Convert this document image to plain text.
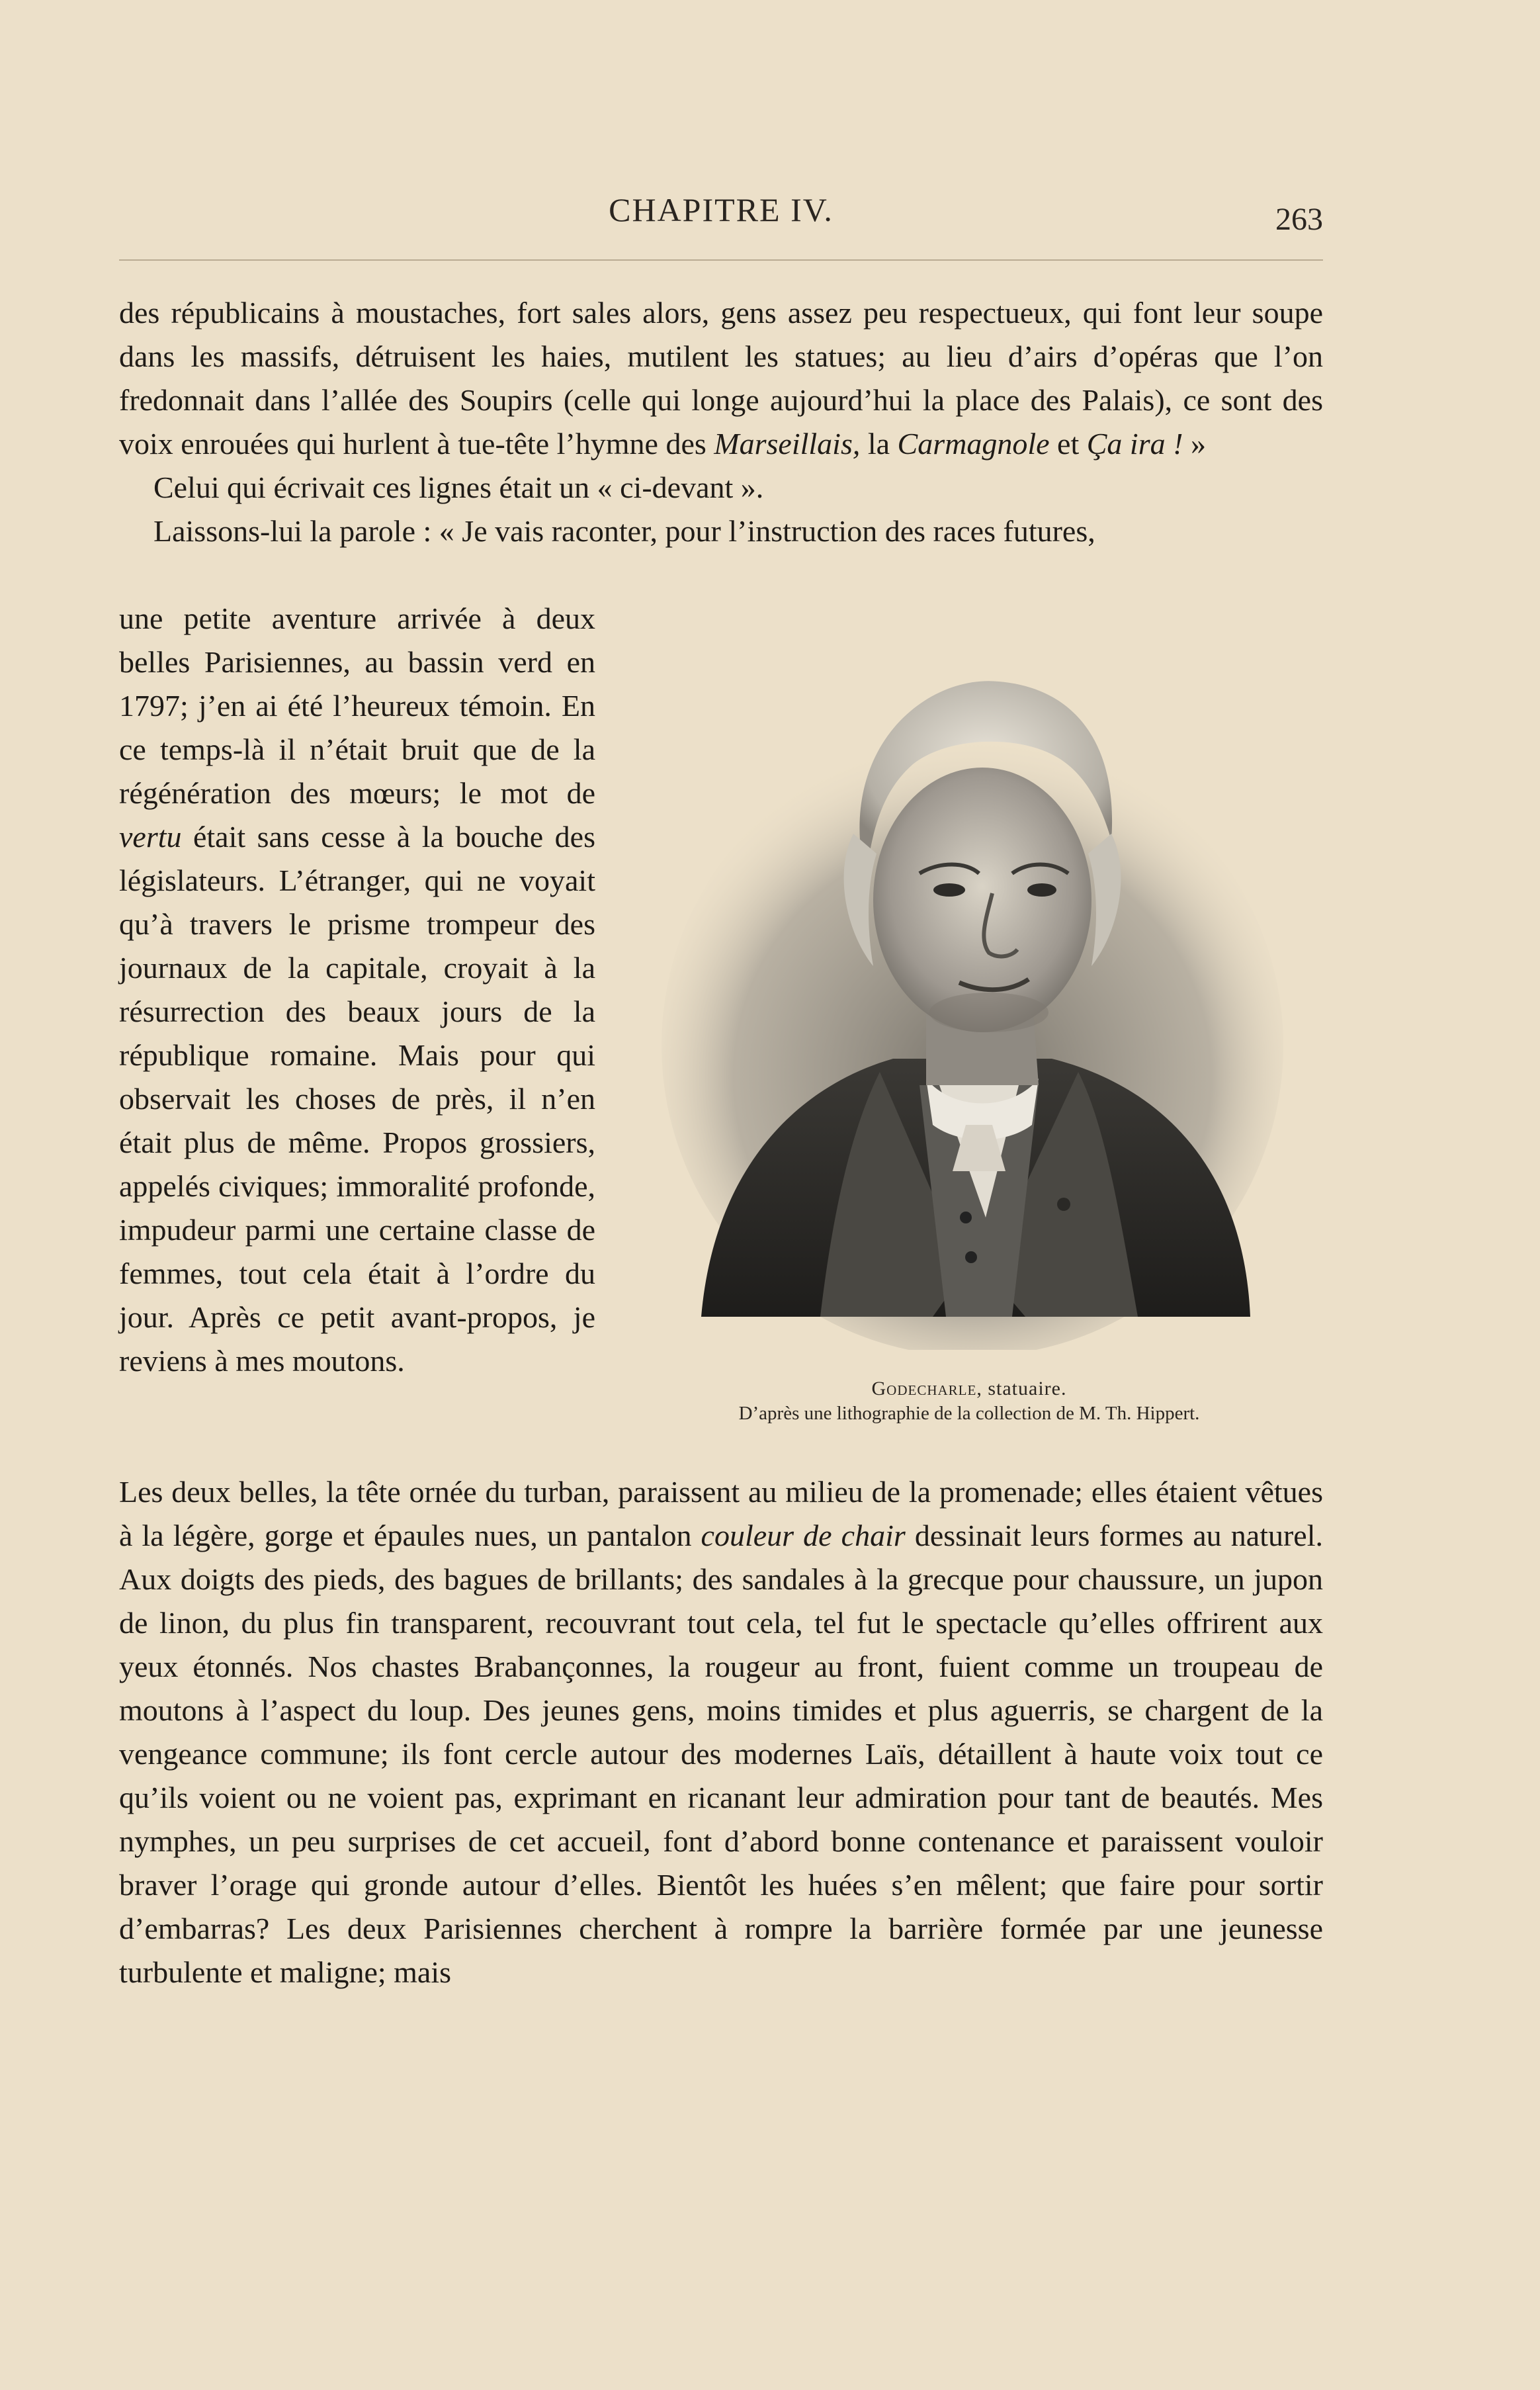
CHAPITRE IV.	263

des républicains à moustaches, fort sales alors, gens assez peu respectueux, qui font leur soupe dans les massifs, détruisent les haies, mutilent les statues; au lieu d’airs d’opéras que l’on fredonnait dans l’allée des Soupirs (celle qui longe aujourd’hui la place des Palais), ce sont des voix enrouées qui hurlent à tue-tête l’hymne des Marseillais, la Carmagnole et Ça ira ! »

Celui qui écrivait ces lignes était un « ci-devant ».

Laissons-lui la parole : « Je vais raconter, pour l’instruction des races futures,

une petite aventure arrivée à deux belles Parisiennes, au bassin verd en 1797; j’en ai été l’heureux témoin. En ce temps-là il n’était bruit que de la régénération des mœurs; le mot de vertu était sans cesse à la bouche des législateurs. L’étranger, qui ne voyait qu’à travers le prisme trompeur des journaux de la capitale, croyait à la résurrection des beaux jours de la république romaine. Mais pour qui observait les choses de près, il n’en était plus de même. Propos grossiers, appelés civiques; immoralité profonde, impudeur parmi une certaine classe de femmes, tout cela était à l’ordre du jour. Après ce petit avant-propos, je reviens à mes moutons.

Godecharle, statuaire.
D’après une lithographie de la collection de M. Th. Hippert.

Les deux belles, la tête ornée du turban, paraissent au milieu de la promenade; elles étaient vêtues à la légère, gorge et épaules nues, un pantalon couleur de chair dessinait leurs formes au naturel. Aux doigts des pieds, des bagues de brillants; des sandales à la grecque pour chaussure, un jupon de linon, du plus fin transparent, recouvrant tout cela, tel fut le spectacle qu’elles offrirent aux yeux étonnés. Nos chastes Brabançonnes, la rougeur au front, fuient comme un troupeau de moutons à l’aspect du loup. Des jeunes gens, moins timides et plus aguerris, se chargent de la vengeance commune; ils font cercle autour des modernes Laïs, détaillent à haute voix tout ce qu’ils voient ou ne voient pas, exprimant en ricanant leur admiration pour tant de beautés. Mes nymphes, un peu surprises de cet accueil, font d’abord bonne contenance et paraissent vouloir braver l’orage qui gronde autour d’elles. Bientôt les huées s’en mêlent; que faire pour sortir d’embarras? Les deux Parisiennes cherchent à rompre la barrière formée par une jeunesse turbulente et maligne; mais
